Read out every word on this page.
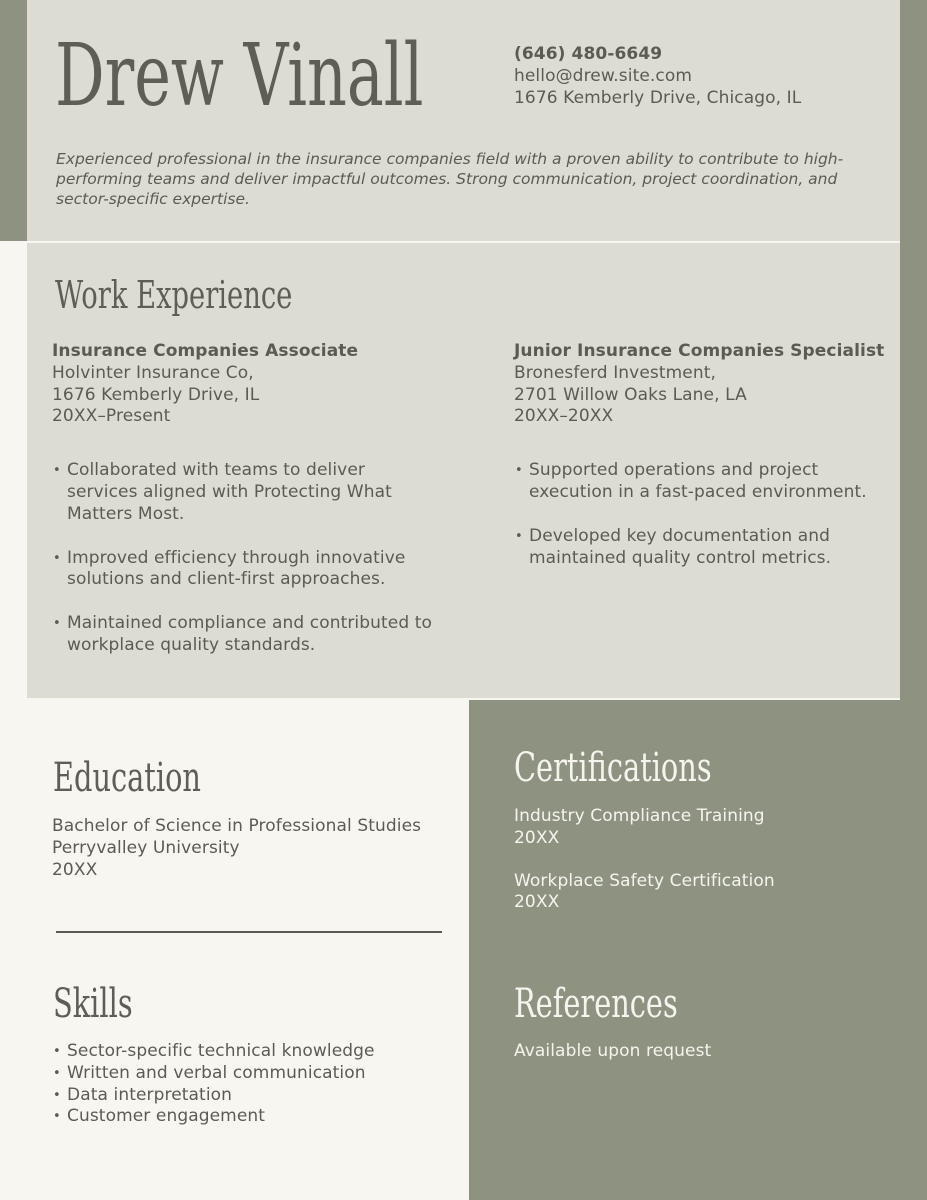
Drew Vinall	(646) 480-6649
hello@drew.site.com
1676 Kemberly Drive, Chicago, IL
Experienced professional in the insurance companies field with a proven ability to contribute to high-performing teams and deliver impactful outcomes. Strong communication, project coordination, and sector-specific expertise.
Work Experience
Insurance Companies Associate
Holvinter Insurance Co,
1676 Kemberly Drive, IL
20XX–Present
• Collaborated with teams to deliver services aligned with Protecting What Matters Most.
• Improved efficiency through innovative solutions and client-first approaches.
• Maintained compliance and contributed to workplace quality standards.
Junior Insurance Companies Specialist
Bronesferd Investment,
2701 Willow Oaks Lane, LA
20XX–20XX
• Supported operations and project execution in a fast-paced environment.
• Developed key documentation and maintained quality control metrics.
Education
Bachelor of Science in Professional Studies
Perryvalley University
20XX
Skills
• Sector-specific technical knowledge
• Written and verbal communication
• Data interpretation
• Customer engagement
Certifications
Industry Compliance Training
20XX
Workplace Safety Certification
20XX
References
Available upon request
